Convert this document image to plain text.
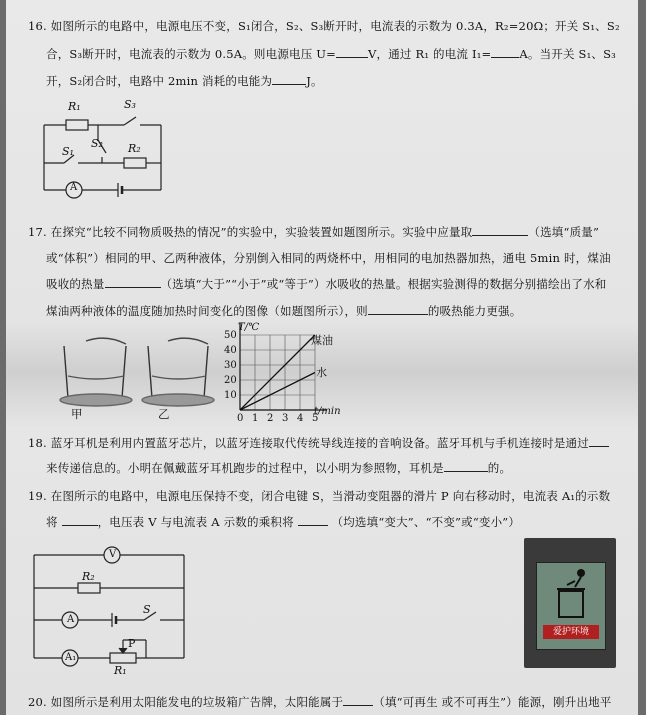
16. 如图所示的电路中，电源电压不变，S₁闭合，S₂、S₃断开时，电流表的示数为 0.3A，R₂=20Ω；开关 S₁、S₂
合，S₃断开时，电流表的示数为 0.5A。则电源电压 U=	V，通过 R₁ 的电流 I₁= A。当开关 S₁、S₃
开，S₂闭合时，电路中 2min 消耗的电能为	J。
R₁	S₃
S₁
S₂ R₂
A
17. 在探究“比较不同物质吸热的情况”的实验中，实验装置如题图所示。实验中应量取	（选填“质量”
或“体积”）相同的甲、乙两种液体，分别倒入相同的两烧杯中，用相同的电加热器加热，通电 5min 时，煤油
吸收的热量	（选填“大于”“小于”或“等于”）水吸收的热量。根据实验测得的数据分别描绘出了水和
煤油两种液体的温度随加热时间变化的图像（如题图所示），则	的吸热能力更强。
甲	乙	0 1 2 3 4 5
10
20
30
40
50
T/℃
t/min
煤油
水
18. 蓝牙耳机是利用内置蓝牙芯片，以蓝牙连接取代传统导线连接的音响设备。蓝牙耳机与手机连接时是通过
来传递信息的。小明在佩戴蓝牙耳机跑步的过程中，以小明为参照物，耳机是	的。
19. 在图所示的电路中，电源电压保持不变，闭合电键 S，当滑动变阻器的滑片 P 向右移动时，电流表 A₁的示数
将	，电压表 V 与电流表 A 示数的乘积将	（均选填“变大”、“不变”或“变小”）
V
R₂
A
S
P
A₁
R₁
爱护环境
20. 如图所示是利用太阳能发电的垃圾箱广告牌，太阳能属于	（填“可再生 或不可再生”）能源，刚升出地平
